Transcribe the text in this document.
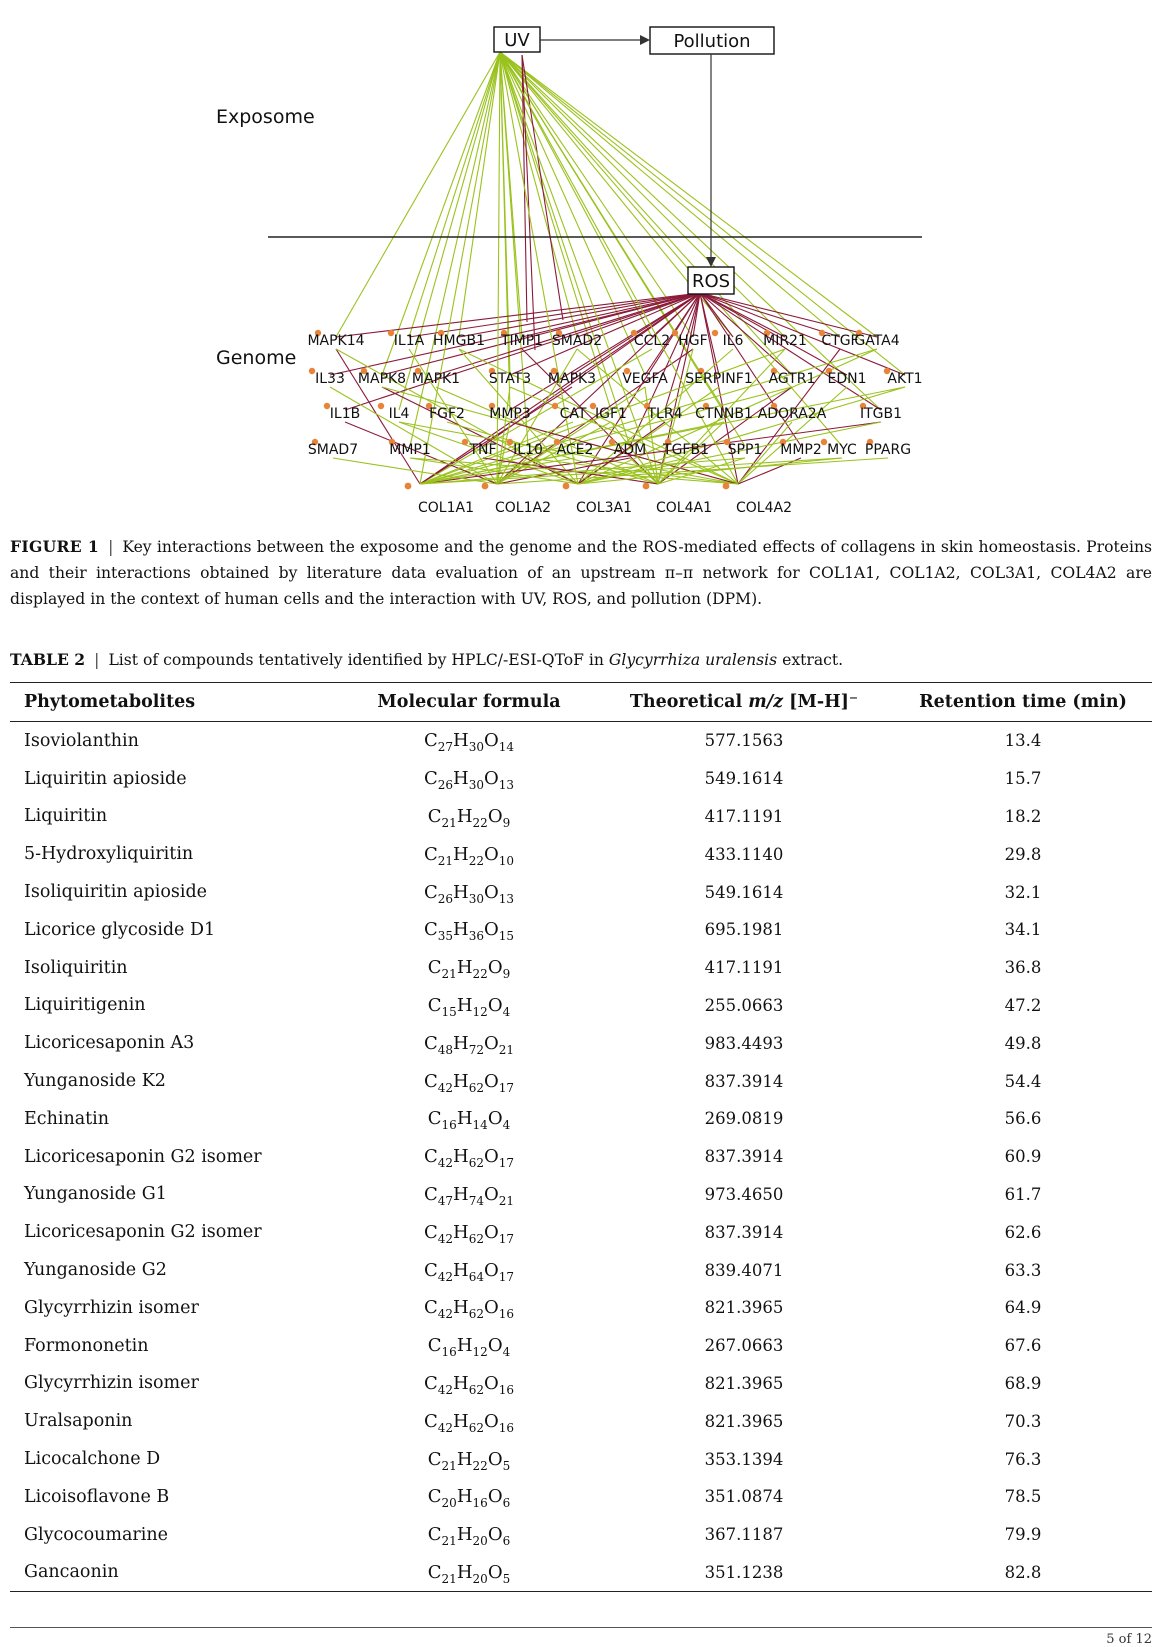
Exposome
Genome
UV	Pollution
ROS
MAPK14 IL1A HMGB1 TIMP1 SMAD2 CCL2 HGF IL6 MIR21 CTGF
GATA4
IL33 MAPK8 MAPK1 STAT3 MAPK3 VEGFA SERPINF1 AGTR1 EDN1 AKT1
IL1B IL4 FGF2 MMP3 CAT IGF1 TLR4 CTNNB1 ADORA2A ITGB1
SMAD7 MMP1	TNF IL10 ACE2 ADM TGFB1 SPP1 MMP2 MYC PPARG
COL1A1 COL1A2 COL3A1 COL4A1 COL4A2
FIGURE 1 | Key interactions between the exposome and the genome and the ROS-mediated effects of collagens in skin homeostasis. Proteins and their interactions obtained by literature data evaluation of an upstream π–π network for COL1A1, COL1A2, COL3A1, COL4A2 are displayed in the context of human cells and the interaction with UV, ROS, and pollution (DPM).
TABLE 2 | List of compounds tentatively identified by HPLC/-ESI-QToF in Glycyrrhiza uralensis extract.
Phytometabolites	Molecular formula	Theoretical m/z [M-H]⁻	Retention time (min)
Isoviolanthin	$C_{27}H_{30}O_{14}$	577.1563	13.4
Liquiritin apioside	$C_{26}H_{30}O_{13}$	549.1614	15.7
Liquiritin	$C_{21}H_{22}O_9$	417.1191	18.2
5-Hydroxyliquiritin	$C_{21}H_{22}O_{10}$	433.1140	29.8
Isoliquiritin apioside	$C_{26}H_{30}O_{13}$	549.1614	32.1
Licorice glycoside D1	$C_{35}H_{36}O_{15}$	695.1981	34.1
Isoliquiritin	$C_{21}H_{22}O_9$	417.1191	36.8
Liquiritigenin	$C_{15}H_{12}O_4$	255.0663	47.2
Licoricesaponin A3	$C_{48}H_{72}O_{21}$	983.4493	49.8
Yunganoside K2	$C_{42}H_{62}O_{17}$	837.3914	54.4
Echinatin	$C_{16}H_{14}O_4$	269.0819	56.6
Licoricesaponin G2 isomer	$C_{42}H_{62}O_{17}$	837.3914	60.9
Yunganoside G1	$C_{47}H_{74}O_{21}$	973.4650	61.7
Licoricesaponin G2 isomer	$C_{42}H_{62}O_{17}$	837.3914	62.6
Yunganoside G2	$C_{42}H_{64}O_{17}$	839.4071	63.3
Glycyrrhizin isomer	$C_{42}H_{62}O_{16}$	821.3965	64.9
Formononetin	$C_{16}H_{12}O_4$	267.0663	67.6
Glycyrrhizin isomer	$C_{42}H_{62}O_{16}$	821.3965	68.9
Uralsaponin	$C_{42}H_{62}O_{16}$	821.3965	70.3
Licocalchone D	$C_{21}H_{22}O_5$	353.1394	76.3
Licoisoflavone B	$C_{20}H_{16}O_6$	351.0874	78.5
Glycocoumarine	$C_{21}H_{20}O_6$	367.1187	79.9
Gancaonin	$C_{21}H_{20}O_5$	351.1238	82.8
5 of 12
